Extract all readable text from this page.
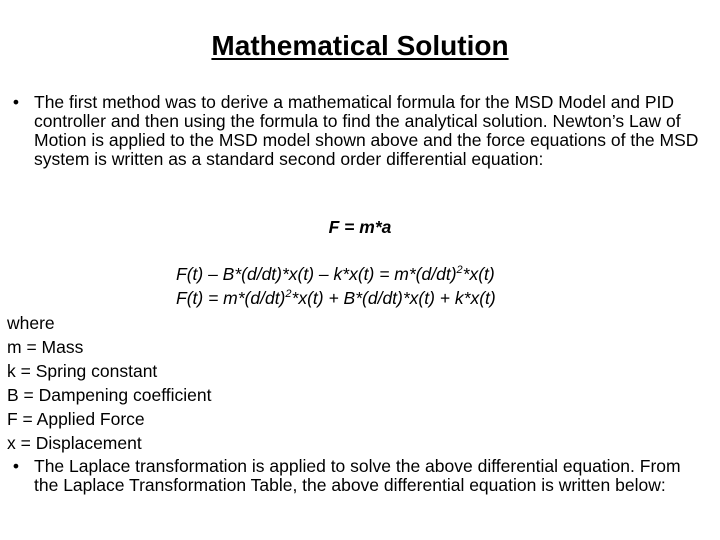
Mathematical Solution
• The first method was to derive a mathematical formula for the MSD Model and PID controller and then using the formula to find the analytical solution. Newton’s Law of Motion is applied to the MSD model shown above and the force equations of the MSD system is written as a standard second order differential equation:
F = m*a
$F(t) - B*(d/dt)*x(t) - k*x(t) = m*(d/dt)^2*x(t)$
$F(t) = m*(d/dt)^2*x(t) + B*(d/dt)*x(t) + k*x(t)$
where
m = Mass
k = Spring constant
B = Dampening coefficient
F = Applied Force
x = Displacement
• The Laplace transformation is applied to solve the above differential equation. From the Laplace Transformation Table, the above differential equation is written below:
